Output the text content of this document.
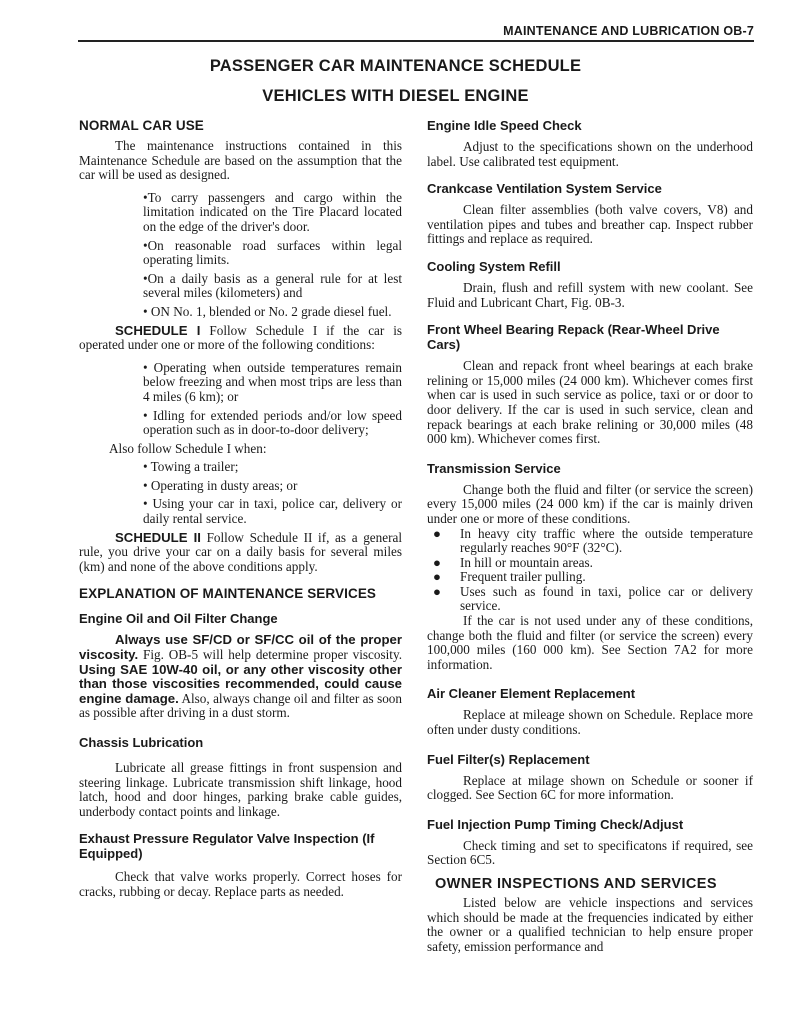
MAINTENANCE AND LUBRICATION OB-7
PASSENGER CAR MAINTENANCE SCHEDULE
VEHICLES WITH DIESEL ENGINE
NORMAL CAR USE

The maintenance instructions contained in this Maintenance Schedule are based on the assumption that the car will be used as designed.

•To carry passengers and cargo within the limitation indicated on the Tire Placard located on the edge of the driver's door.

•On reasonable road surfaces within legal operating limits.

•On a daily basis as a general rule for at lest several miles (kilometers) and

• ON No. 1, blended or No. 2 grade diesel fuel.

SCHEDULE I Follow Schedule I if the car is operated under one or more of the following conditions:

• Operating when outside temperatures remain below freezing and when most trips are less than 4 miles (6 km); or

• Idling for extended periods and/or low speed operation such as in door-to-door delivery;

Also follow Schedule I when:

• Towing a trailer;

• Operating in dusty areas; or

• Using your car in taxi, police car, delivery or daily rental service.

SCHEDULE II Follow Schedule II if, as a general rule, you drive your car on a daily basis for several miles (km) and none of the above conditions apply.

EXPLANATION OF MAINTENANCE SERVICES
Engine Oil and Oil Filter Change

Always use SF/CD or SF/CC oil of the proper viscosity. Fig. OB-5 will help determine proper viscosity. Using SAE 10W-40 oil, or any other viscosity other than those viscosities recommended, could cause engine damage. Also, always change oil and filter as soon as possible after driving in a dust storm.

Chassis Lubrication

Lubricate all grease fittings in front suspension and steering linkage. Lubricate transmission shift linkage, hood latch, hood and door hinges, parking brake cable guides, underbody contact points and linkage.

Exhaust Pressure Regulator Valve Inspection (If Equipped)

Check that valve works properly. Correct hoses for cracks, rubbing or decay. Replace parts as needed.

Engine Idle Speed Check

Adjust to the specifications shown on the underhood label. Use calibrated test equipment.

Crankcase Ventilation System Service

Clean filter assemblies (both valve covers, V8) and ventilation pipes and tubes and breather cap. Inspect rubber fittings and replace as required.

Cooling System Refill

Drain, flush and refill system with new coolant. See Fluid and Lubricant Chart, Fig. 0B-3.

Front Wheel Bearing Repack (Rear-Wheel Drive Cars)

Clean and repack front wheel bearings at each brake relining or 15,000 miles (24 000 km). Whichever comes first when car is used in such service as police, taxi or or door to door delivery. If the car is used in such service, clean and repack bearings at each brake relining or 30,000 miles (48 000 km). Whichever comes first.

Transmission Service

Change both the fluid and filter (or service the screen) every 15,000 miles (24 000 km) if the car is mainly driven under one or more of these conditions.

● In heavy city traffic where the outside temperature regularly reaches 90°F (32°C).

● In hill or mountain areas.

● Frequent trailer pulling.

● Uses such as found in taxi, police car or delivery service.

If the car is not used under any of these conditions, change both the fluid and filter (or service the screen) every 100,000 miles (160 000 km). See Section 7A2 for more information.

Air Cleaner Element Replacement

Replace at mileage shown on Schedule. Replace more often under dusty conditions.

Fuel Filter(s) Replacement

Replace at milage shown on Schedule or sooner if clogged. See Section 6C for more information.

Fuel Injection Pump Timing Check/Adjust

Check timing and set to specificatons if required, see Section 6C5.

OWNER INSPECTIONS AND SERVICES

Listed below are vehicle inspections and services which should be made at the frequencies indicated by either the owner or a qualified technician to help ensure proper safety, emission performance and
